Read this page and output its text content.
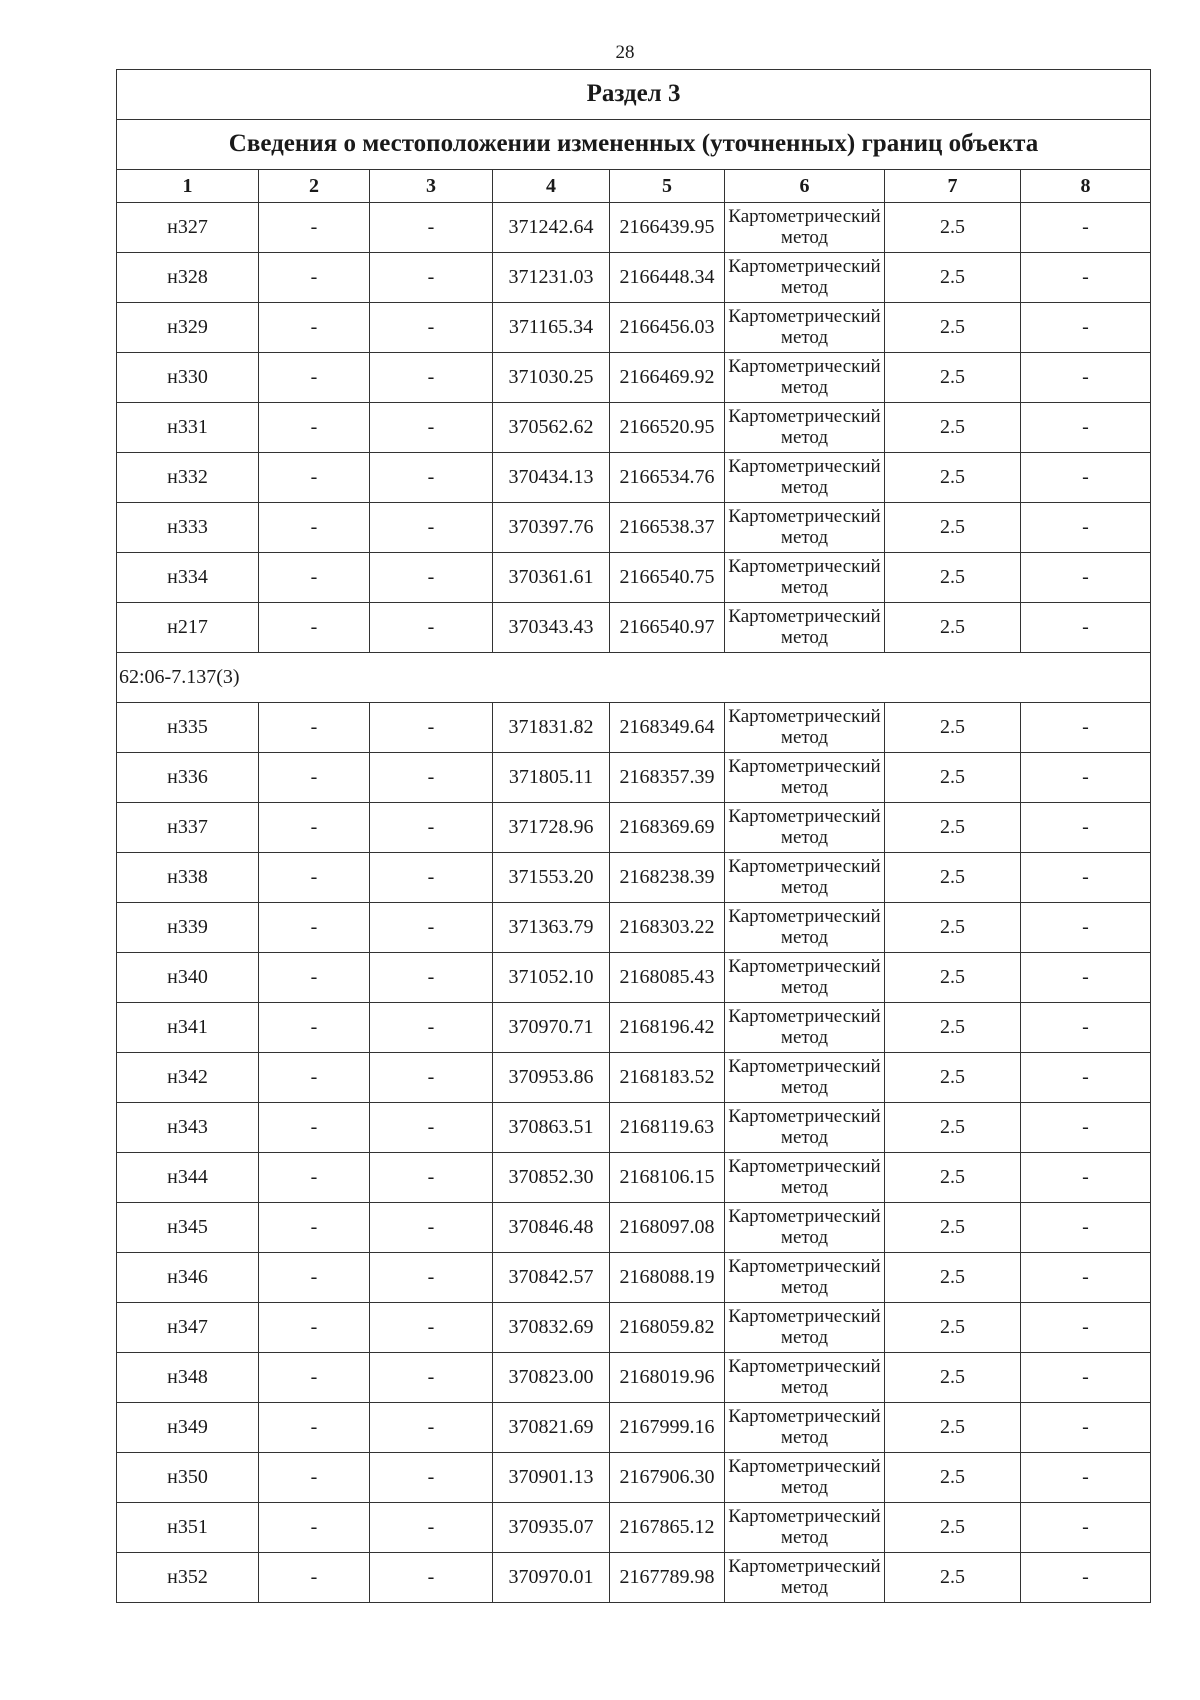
28
Раздел 3							
Сведения о местоположении измененных (уточненных) границ объекта							
1	2	3	4	5	6	7	8
н327	-	-	371242.64	2166439.95	Картометрический метод	2.5	-
н328	-	-	371231.03	2166448.34	Картометрический метод	2.5	-
н329	-	-	371165.34	2166456.03	Картометрический метод	2.5	-
н330	-	-	371030.25	2166469.92	Картометрический метод	2.5	-
н331	-	-	370562.62	2166520.95	Картометрический метод	2.5	-
н332	-	-	370434.13	2166534.76	Картометрический метод	2.5	-
н333	-	-	370397.76	2166538.37	Картометрический метод	2.5	-
н334	-	-	370361.61	2166540.75	Картометрический метод	2.5	-
н217	-	-	370343.43	2166540.97	Картометрический метод	2.5	-
62:06-7.137(3)							
н335	-	-	371831.82	2168349.64	Картометрический метод	2.5	-
н336	-	-	371805.11	2168357.39	Картометрический метод	2.5	-
н337	-	-	371728.96	2168369.69	Картометрический метод	2.5	-
н338	-	-	371553.20	2168238.39	Картометрический метод	2.5	-
н339	-	-	371363.79	2168303.22	Картометрический метод	2.5	-
н340	-	-	371052.10	2168085.43	Картометрический метод	2.5	-
н341	-	-	370970.71	2168196.42	Картометрический метод	2.5	-
н342	-	-	370953.86	2168183.52	Картометрический метод	2.5	-
н343	-	-	370863.51	2168119.63	Картометрический метод	2.5	-
н344	-	-	370852.30	2168106.15	Картометрический метод	2.5	-
н345	-	-	370846.48	2168097.08	Картометрический метод	2.5	-
н346	-	-	370842.57	2168088.19	Картометрический метод	2.5	-
н347	-	-	370832.69	2168059.82	Картометрический метод	2.5	-
н348	-	-	370823.00	2168019.96	Картометрический метод	2.5	-
н349	-	-	370821.69	2167999.16	Картометрический метод	2.5	-
н350	-	-	370901.13	2167906.30	Картометрический метод	2.5	-
н351	-	-	370935.07	2167865.12	Картометрический метод	2.5	-
н352	-	-	370970.01	2167789.98	Картометрический метод	2.5	-
